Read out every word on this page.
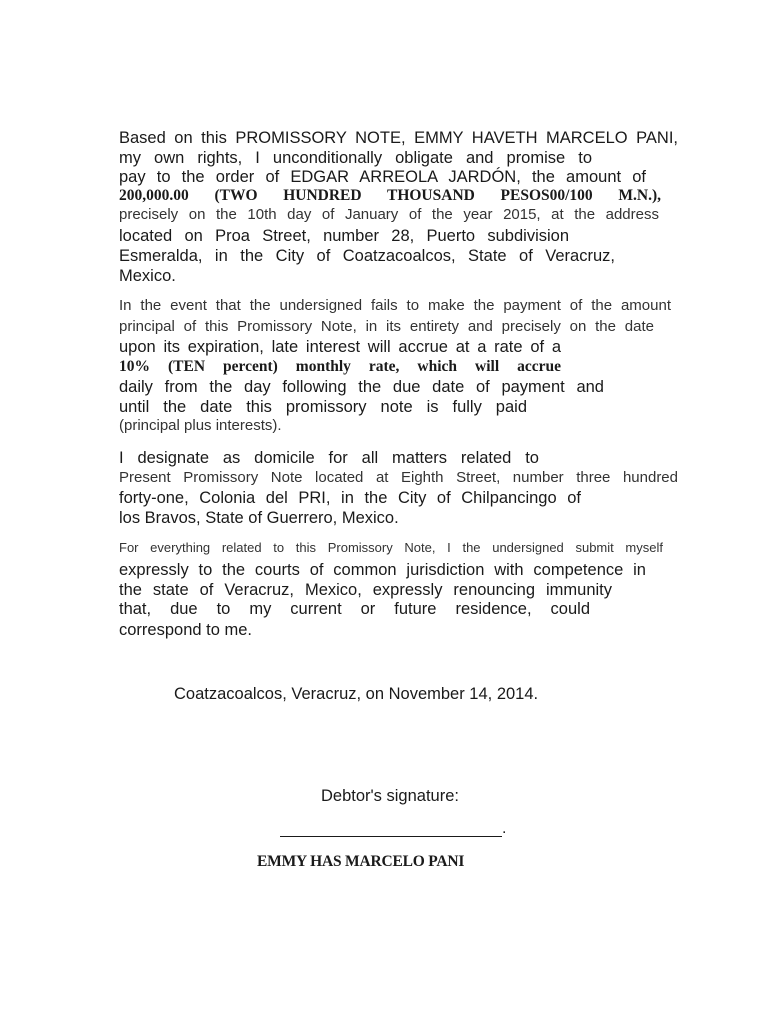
Based on this PROMISSORY NOTE, EMMY HAVETH MARCELO PANI,
my own rights, I unconditionally obligate and promise to
pay to the order of EDGAR ARREOLA JARDÓN, the amount of
200,000.00 (TWO HUNDRED THOUSAND PESOS00/100 M.N.),
precisely on the 10th day of January of the year 2015, at the address
located on Proa Street, number 28, Puerto subdivision
Esmeralda, in the City of Coatzacoalcos, State of Veracruz,
Mexico.
In the event that the undersigned fails to make the payment of the amount
principal of this Promissory Note, in its entirety and precisely on the date
upon its expiration, late interest will accrue at a rate of a
10% (TEN percent) monthly rate, which will accrue
daily from the day following the due date of payment and
until the date this promissory note is fully paid
(principal plus interests).
I designate as domicile for all matters related to
Present Promissory Note located at Eighth Street, number three hundred
forty-one, Colonia del PRI, in the City of Chilpancingo of
los Bravos, State of Guerrero, Mexico.
For everything related to this Promissory Note, I the undersigned submit myself
expressly to the courts of common jurisdiction with competence in
the state of Veracruz, Mexico, expressly renouncing immunity
that, due to my current or future residence, could
correspond to me.
Coatzacoalcos, Veracruz, on November 14, 2014.
Debtor's signature:
.
EMMY HAS MARCELO PANI
